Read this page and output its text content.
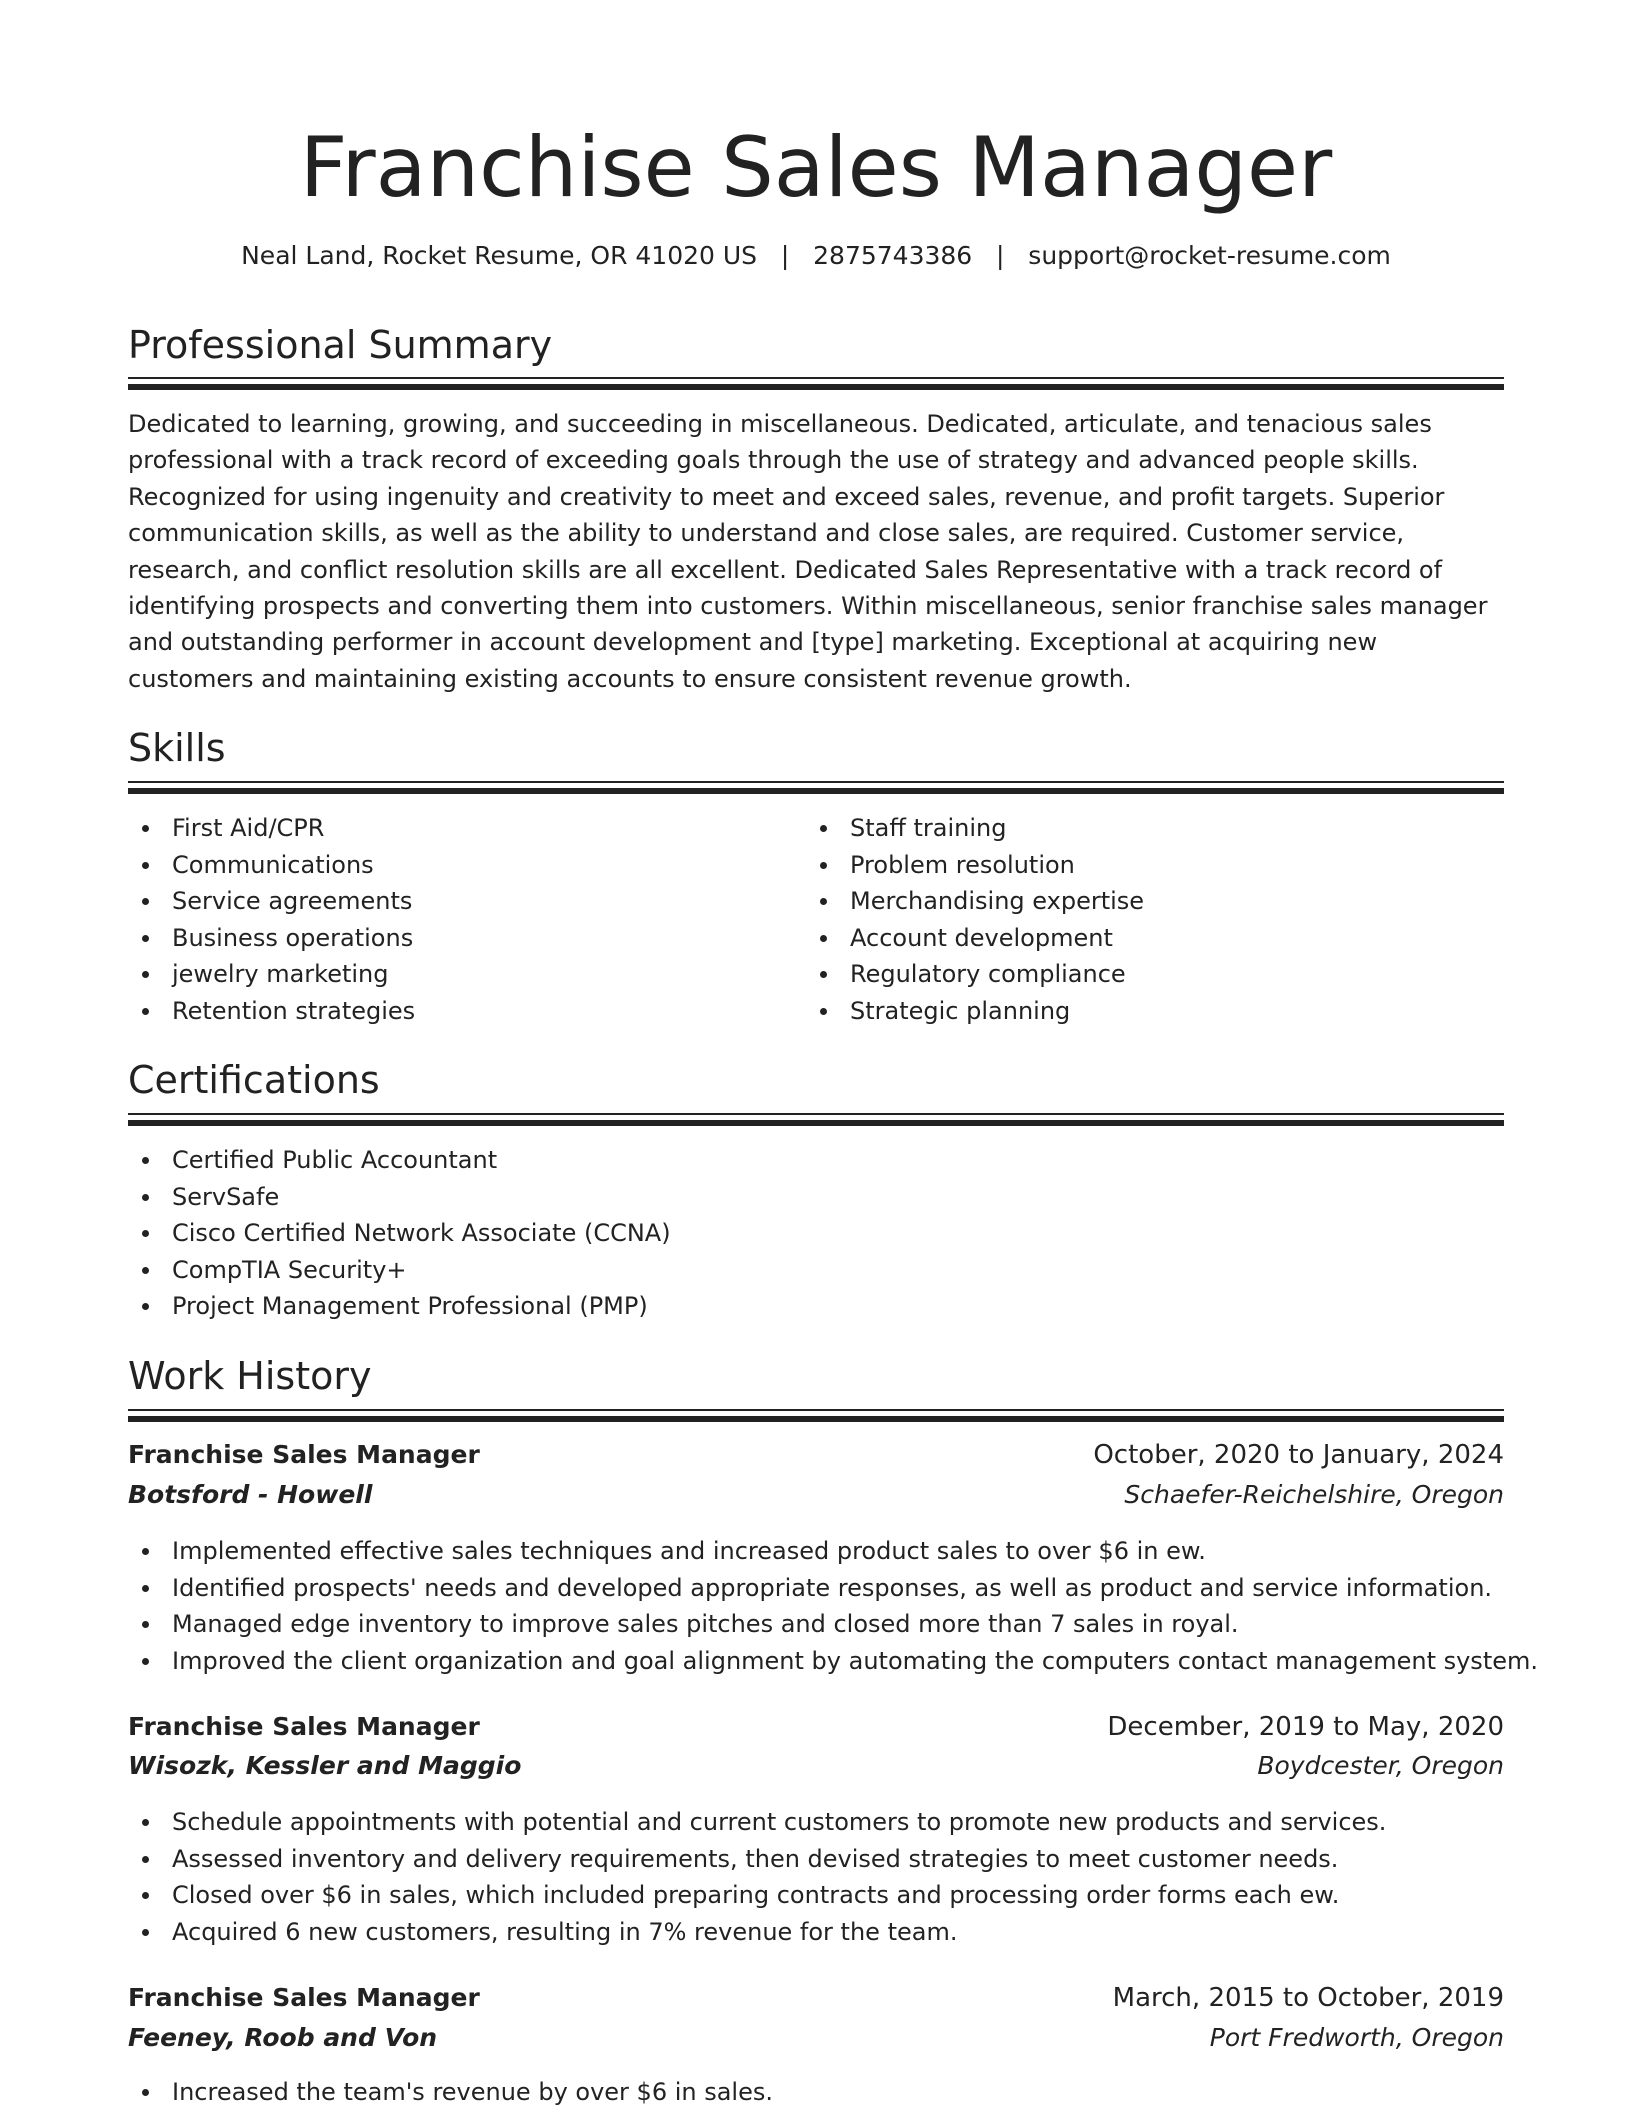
Franchise Sales Manager
Neal Land, Rocket Resume, OR 41020 US   |   2875743386   |   support@rocket-resume.com
Professional Summary

Dedicated to learning, growing, and succeeding in miscellaneous. Dedicated, articulate, and tenacious sales professional with a track record of exceeding goals through the use of strategy and advanced people skills. Recognized for using ingenuity and creativity to meet and exceed sales, revenue, and profit targets. Superior communication skills, as well as the ability to understand and close sales, are required. Customer service, research, and conflict resolution skills are all excellent. Dedicated Sales Representative with a track record of identifying prospects and converting them into customers. Within miscellaneous, senior franchise sales manager and outstanding performer in account development and [type] marketing. Exceptional at acquiring new customers and maintaining existing accounts to ensure consistent revenue growth.

Skills
First Aid/CPR
Communications
Service agreements
Business operations
jewelry marketing
Retention strategies
Staff training
Problem resolution
Merchandising expertise
Account development
Regulatory compliance
Strategic planning
Certifications
Certified Public Accountant
ServSafe
Cisco Certified Network Associate (CCNA)
CompTIA Security+
Project Management Professional (PMP)
Work History
Franchise Sales Manager	October, 2020 to January, 2024
Botsford - Howell	Schaefer-Reichelshire, Oregon
Implemented effective sales techniques and increased product sales to over $6 in ew.
Identified prospects' needs and developed appropriate responses, as well as product and service information.
Managed edge inventory to improve sales pitches and closed more than 7 sales in royal.
Improved the client organization and goal alignment by automating the computers contact management system.
Franchise Sales Manager	December, 2019 to May, 2020
Wisozk, Kessler and Maggio	Boydcester, Oregon
Schedule appointments with potential and current customers to promote new products and services.
Assessed inventory and delivery requirements, then devised strategies to meet customer needs.
Closed over $6 in sales, which included preparing contracts and processing order forms each ew.
Acquired 6 new customers, resulting in 7% revenue for the team.
Franchise Sales Manager	March, 2015 to October, 2019
Feeney, Roob and Von	Port Fredworth, Oregon
Increased the team's revenue by over $6 in sales.
